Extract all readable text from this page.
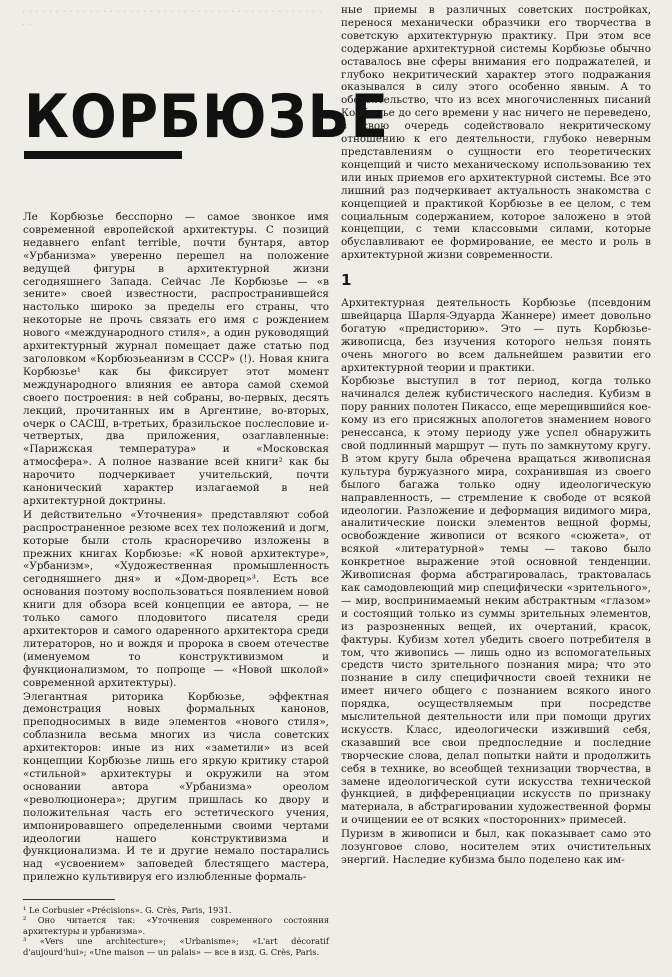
· · · · · · · · · · · · · · · · · · · · · · · · · · · · · · · · · · · · · · · · · · · · · · ·
КОРБЮЗЬЕ

Ле Корбюзье бесспорно — самое звонкое имя современной европейской архитектуры. С позиций недавнего enfant terrible, почти бунтаря, автор «Урбанизма» уверенно перешел на положение ведущей фигуры в архитектурной жизни сегодняшнего Запада. Сейчас Ле Корбюзье — «в зените» своей известности, распространившейся настолько широко за пределы его страны, что некоторые не прочь связать его имя с рождением нового «международного стиля», а один руководящий архитектурный журнал помещает даже статью под заголовком «Корбюзьеанизм в СССР» (!). Новая книга Корбюзье¹ как бы фиксирует этот момент международного влияния ее автора самой схемой своего построения: в ней собраны, во-первых, десять лекций, прочитанных им в Аргентине, во-вторых, очерк о САСШ, в-третьих, бразильское послесловие и-четвертых, два приложения, озаглавленные: «Парижская температура» и «Московская атмосфера». А полное название всей книги² как бы нарочито подчеркивает учительский, почти канонический характер излагаемой в ней архитектурной доктрины.

И действительно «Уточнения» представляют собой распространенное резюме всех тех положений и догм, которые были столь красноречиво изложены в прежних книгах Корбюзье: «К новой архитектуре», «Урбанизм», «Художественная промышленность сегодняшнего дня» и «Дом-дворец»³. Есть все основания поэтому воспользоваться появлением новой книги для обзора всей концепции ее автора, — не только самого плодовитого писателя среди архитекторов и самого одаренного архитектора среди литераторов, но и вождя и пророка в своем отечестве (именуемом то конструктивизмом и функционализмом, то попроще — «Новой школой» современной архитектуры).

Элегантная риторика Корбюзье, эффектная демонстрация новых формальных канонов, преподносимых в виде элементов «нового стиля», соблазнила весьма многих из числа советских архитекторов: иные из них «заметили» из всей концепции Корбюзье лишь его яркую критику старой «стильной» архитектуры и окружили на этом основании автора «Урбанизма» ореолом «революционера»; другим пришлась ко двору и положительная часть его эстетического учения, импонировавшего определенными своими чертами идеологии нашего конструктивизма и функционализма. И те и другие немало постарались над «усвоением» заповедей блестящего мастера, прилежно культивируя его излюбленные формаль-

ные приемы в различных советских постройках, перенося механически образчики его творчества в советскую архитектурную практику. При этом все содержание архитектурной системы Корбюзье обычно оставалось вне сферы внимания его подражателей, и глубоко некритический характер этого подражания оказывался в силу этого особенно явным. А то обстоятельство, что из всех многочисленных писаний Корбюзье до сего времени у нас ничего не переведено, в свою очередь содействовало некритическому отношению к его деятельности, глубоко неверным представлениям о сущности его теоретических концепций и чисто механическому использованию тех или иных приемов его архитектурной системы. Все это лишний раз подчеркивает актуальность знакомства с концепцией и практикой Корбюзье в ее целом, с тем социальным содержанием, которое заложено в этой концепции, с теми классовыми силами, которые обуславливают ее формирование, ее место и роль в архитектурной жизни современности.

1

Архитектурная деятельность Корбюзье (псевдоним швейцарца Шарля-Эдуарда Жаннере) имеет довольно богатую «предисторию». Это — путь Корбюзье-живописца, без изучения которого нельзя понять очень многого во всем дальнейшем развитии его архитектурной теории и практики.

Корбюзье выступил в тот период, когда только начинался дележ кубистического наследия. Кубизм в пору ранних полотен Пикассо, еще мерещившийся кое-кому из его присяжных апологетов знамением нового ренессанса, к этому периоду уже успел обнаружить свой подлинный маршрут — путь по замкнутому кругу. В этом кругу была обречена вращаться живописная культура буржуазного мира, сохранившая из своего былого багажа только одну идеологическую направленность, — стремление к свободе от всякой идеологии. Разложение и деформация видимого мира, аналитические поиски элементов вещной формы, освобождение живописи от всякого «сюжета», от всякой «литературной» темы — таково было конкретное выражение этой основной тенденции. Живописная форма абстрагировалась, трактовалась как самодовлеющий мир специфически «зрительного», — мир, воспринимаемый неким абстрактным «глазом» и состоящий только из суммы зрительных элементов, из разрозненных вещей, их очертаний, красок, фактуры. Кубизм хотел убедить своего потребителя в том, что живопись — лишь одно из вспомогательных средств чисто зрительного познания мира; что это познание в силу специфичности своей техники не имеет ничего общего с познанием всякого иного порядка, осуществляемым при посредстве мыслительной деятельности или при помощи других искусств. Класс, идеологически изживший себя, сказавший все свои предпоследние и последние творческие слова, делал попытки найти и продолжить себя в технике, во всеобщей технизации творчества, в замене идеологической сути искусства технической функцией, в дифференциации искусств по признаку материала, в абстрагировании художественной формы и очищении ее от всяких «посторонних» примесей.

Пуризм в живописи и был, как показывает само это лозунговое слово, носителем этих очистительных энергий. Наследие кубизма было поделено как им-

¹ Le Corbusier «Précisions». G. Crès, Paris, 1931.

² Оно читается так: «Уточнения современного состояния архитектуры и урбанизма».

³ «Vers une architecture»; «Urbanisme»; «L'art décoratif d'aujourd'hui»; «Une maison — un palais» — все в изд. G. Crès, Paris.
